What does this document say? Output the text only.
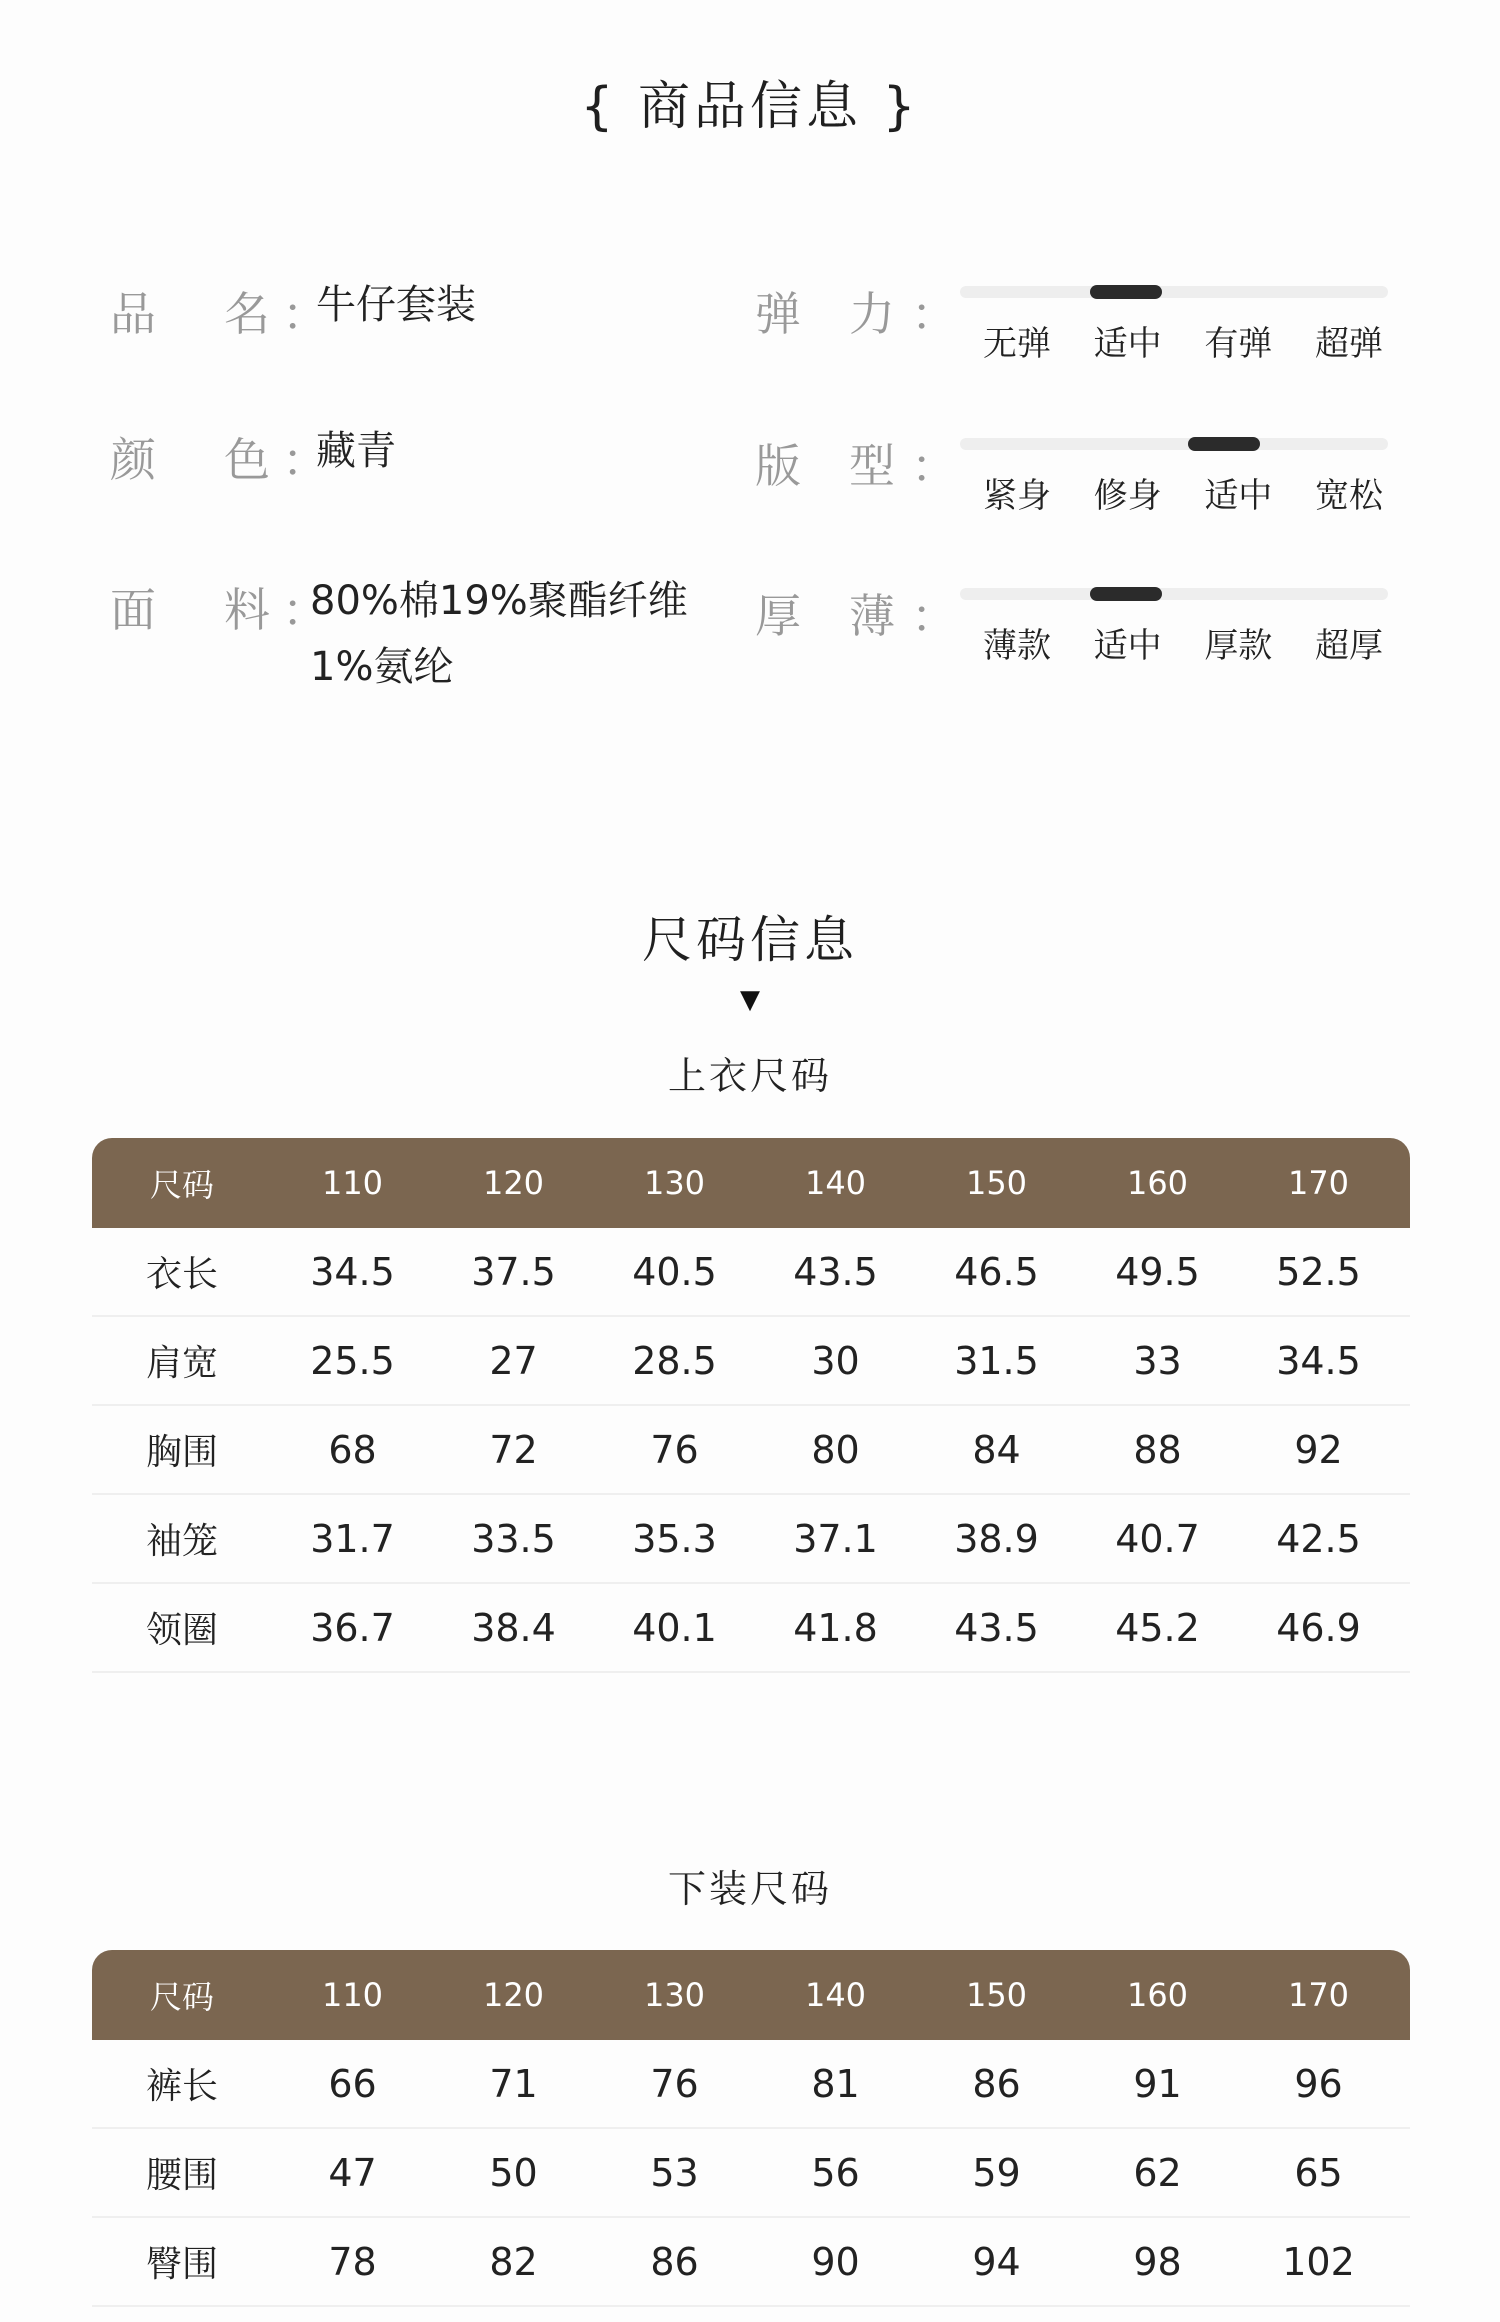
{ 商品信息 }
品 名 ：
牛仔套装
颜 色 ：
藏青
面 料 ：
80%棉19%聚酯纤维
1%氨纶
弹 力 ：
无弹 适中 有弹 超弹
版 型 ：
紧身 修身 适中 宽松
厚 薄 ：
薄款 适中 厚款 超厚
尺码信息
▼
上衣尺码
尺码	110	120	130	140	150	160	170
衣长	34.5	37.5	40.5	43.5	46.5	49.5	52.5
肩宽	25.5	27	28.5	30	31.5	33	34.5
胸围	68	72	76	80	84	88	92
袖笼	31.7	33.5	35.3	37.1	38.9	40.7	42.5
领圈	36.7	38.4	40.1	41.8	43.5	45.2	46.9
下装尺码
尺码	110	120	130	140	150	160	170
裤长	66	71	76	81	86	91	96
腰围	47	50	53	56	59	62	65
臀围	78	82	86	90	94	98	102
